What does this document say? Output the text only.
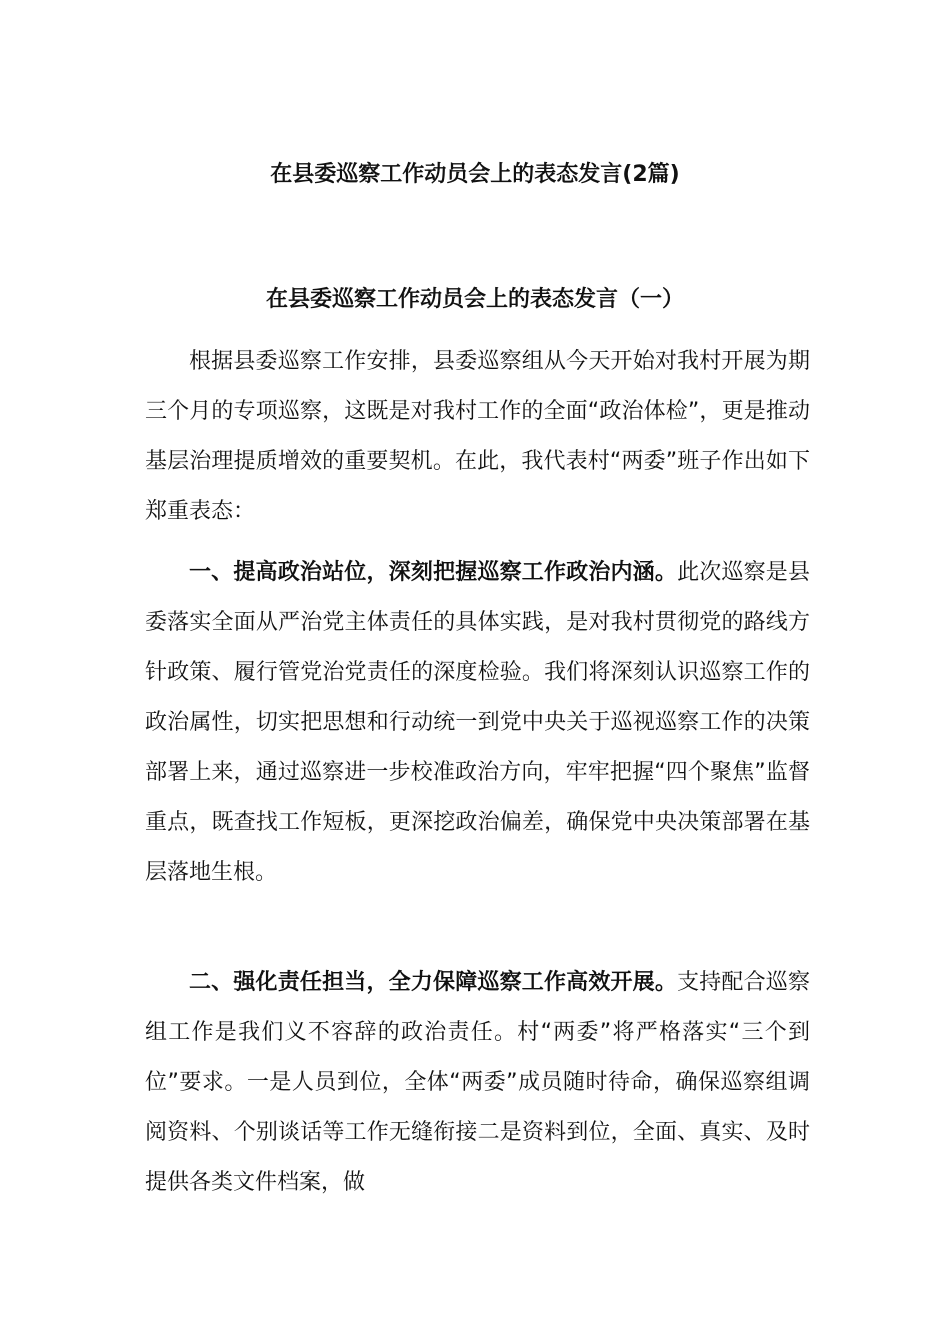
在县委巡察工作动员会上的表态发言(2篇)
在县委巡察工作动员会上的表态发言（一）

根据县委巡察工作安排，县委巡察组从今天开始对我村开展为期三个月的专项巡察，这既是对我村工作的全面“政治体检”，更是推动基层治理提质增效的重要契机。在此，我代表村“两委”班子作出如下郑重表态：

一、提高政治站位，深刻把握巡察工作政治内涵。此次巡察是县委落实全面从严治党主体责任的具体实践，是对我村贯彻党的路线方针政策、履行管党治党责任的深度检验。我们将深刻认识巡察工作的政治属性，切实把思想和行动统一到党中央关于巡视巡察工作的决策部署上来，通过巡察进一步校准政治方向，牢牢把握“四个聚焦”监督重点，既查找工作短板，更深挖政治偏差，确保党中央决策部署在基层落地生根。

二、强化责任担当，全力保障巡察工作高效开展。支持配合巡察组工作是我们义不容辞的政治责任。村“两委”将严格落实“三个到位”要求。一是人员到位，全体“两委”成员随时待命，确保巡察组调阅资料、个别谈话等工作无缝衔接二是资料到位，全面、真实、及时提供各类文件档案，做
